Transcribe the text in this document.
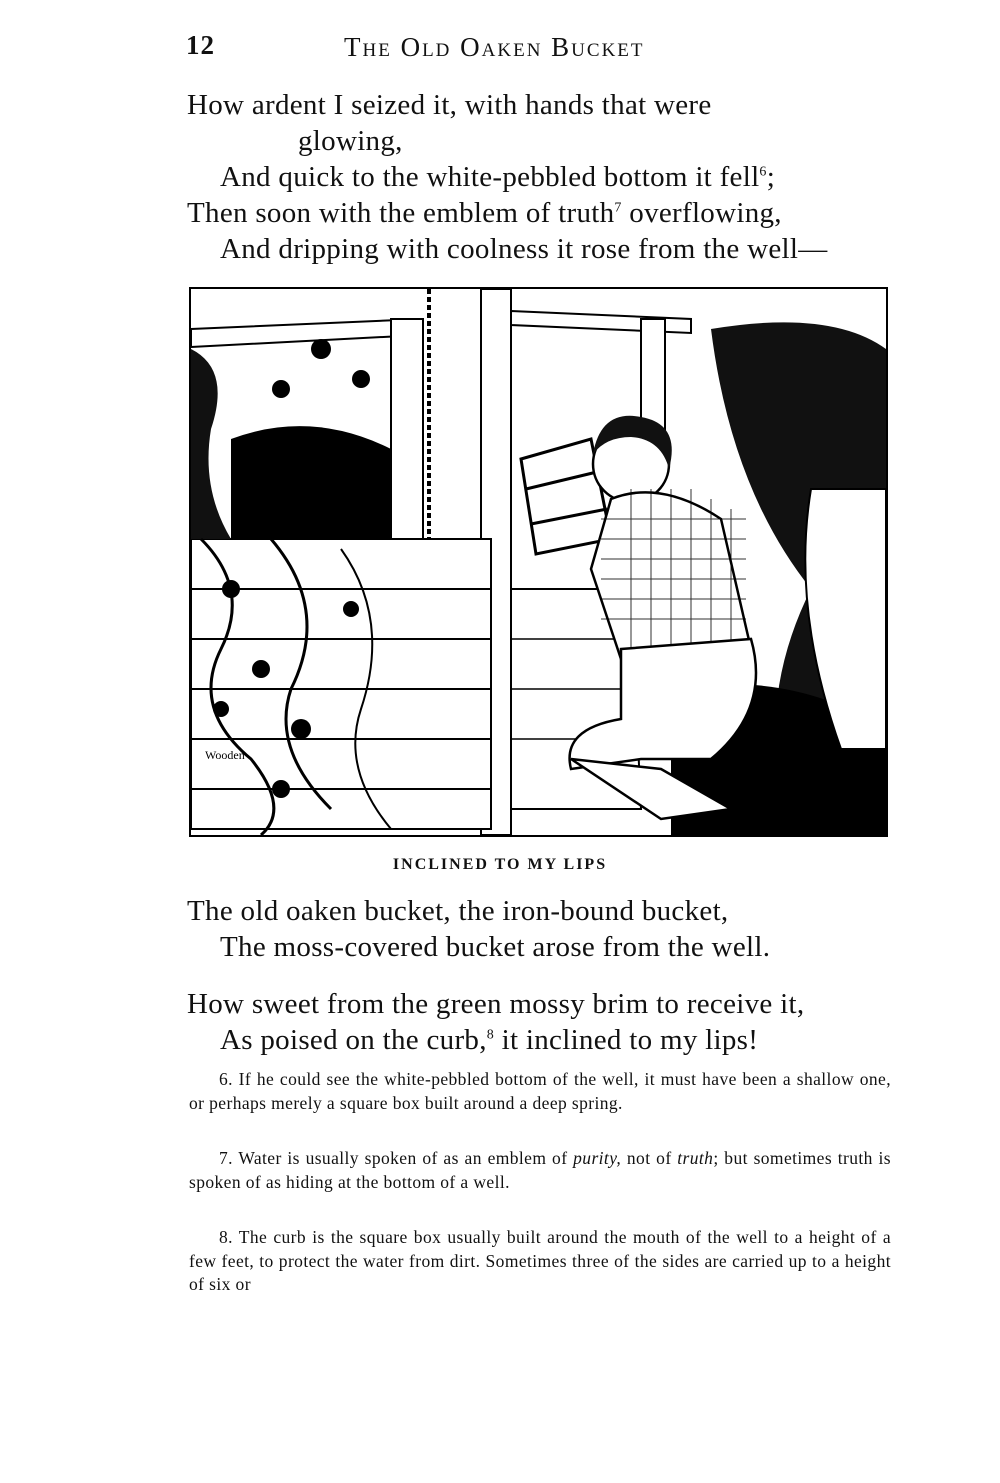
12	The Old Oaken Bucket
How ardent I seized it, with hands that were
glowing,
And quick to the white-pebbled bottom it fell$^6$;
Then soon with the emblem of truth$^7$ overflowing,
And dripping with coolness it rose from the well—
Wooden
INCLINED TO MY LIPS
The old oaken bucket, the iron-bound bucket,
The moss-covered bucket arose from the well.
How sweet from the green mossy brim to receive it,
As poised on the curb,$^8$ it inclined to my lips!
6. If he could see the white-pebbled bottom of the well, it must have been a shallow one, or perhaps merely a square box built around a deep spring.
7. Water is usually spoken of as an emblem of purity, not of truth; but sometimes truth is spoken of as hiding at the bottom of a well.
8. The curb is the square box usually built around the mouth of the well to a height of a few feet, to protect the water from dirt. Sometimes three of the sides are carried up to a height of six or
